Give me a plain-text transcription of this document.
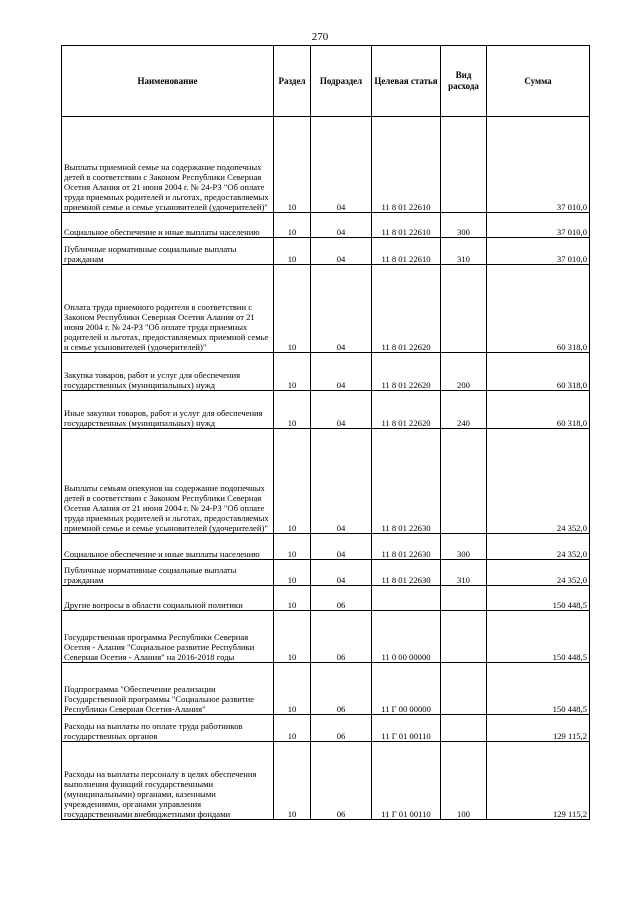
270
Наименование	Раздел	Подраздел	Целевая статья	Вид расхода	Сумма
Выплаты приемной семье на содержание подопечных детей в соответствии с Законом Республики Северная Осетия Алания от 21 июня 2004 г. № 24-РЗ "Об оплате труда приемных родителей и льготах, предоставляемых приемной семье и семье усыновителей (удочерителей)"	10	04	11 8 01 22610		37 010,0
Социальное обеспечение и иные выплаты населению	10	04	11 8 01 22610	300	37 010,0
Публичные нормативные социальные выплаты гражданам	10	04	11 8 01 22610	310	37 010,0
Оплата труда приемного родителя в соответствии с Законом Республики Северная Осетия Алания от 21 июня 2004 г. № 24-РЗ "Об оплате труда приемных родителей и льготах, предоставляемых приемной семье и семье усыновителей (удочерителей)"	10	04	11 8 01 22620		60 318,0
Закупка товаров, работ и услуг для обеспечения государственных (муниципальных) нужд	10	04	11 8 01 22620	200	60 318,0
Иные закупки товаров, работ и услуг для обеспечения государственных (муниципальных) нужд	10	04	11 8 01 22620	240	60 318,0
Выплаты семьям опекунов на содержание подопечных детей в соответствии с Законом Республики Северная Осетия Алания от 21 июня 2004 г. № 24-РЗ "Об оплате труда приемных родителей и льготах, предоставляемых приемной семье и семье усыновителей (удочерителей)"	10	04	11 8 01 22630		24 352,0
Социальное обеспечение и иные выплаты населению	10	04	11 8 01 22630	300	24 352,0
Публичные нормативные социальные выплаты гражданам	10	04	11 8 01 22630	310	24 352,0
Другие вопросы в области социальной политики	10	06			150 448,5
Государственная программа Республики Северная Осетия - Алания "Социальное развитие Республики Северная Осетия - Алания" на 2016-2018 годы	10	06	11 0 00 00000		150 448,5
Подпрограмма "Обеспечение реализации Государственной программы "Социальное развитие Республики Северная Осетия-Алания"	10	06	11 Г 00 00000		150 448,5
Расходы на выплаты по оплате труда работников государственных органов	10	06	11 Г 01 00110		129 115,2
Расходы на выплаты персоналу в целях обеспечения выполнения функций государственными (муниципальными) органами, казенными учреждениями, органами управления государственными внебюджетными фондами	10	06	11 Г 01 00110	100	129 115,2
